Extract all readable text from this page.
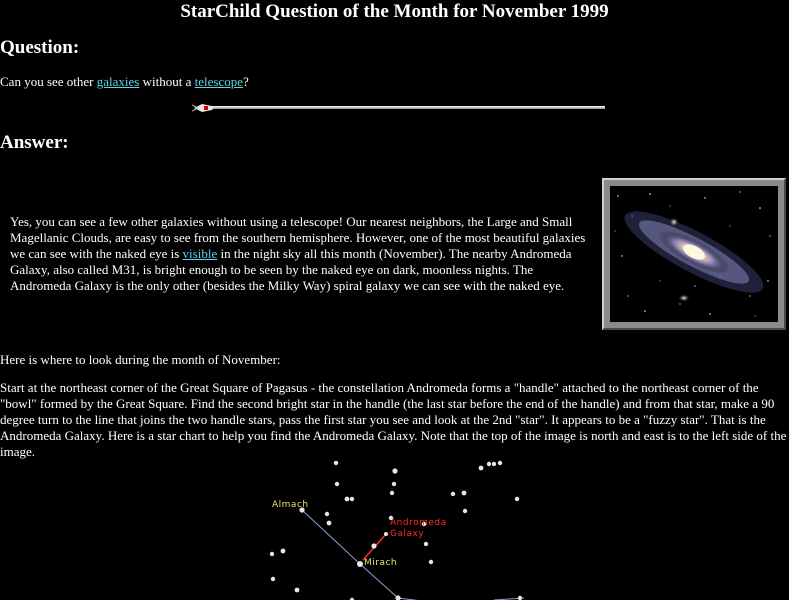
StarChild Question of the Month for November 1999
Question:

Can you see other galaxies without a telescope?

Answer:

Yes, you can see a few other galaxies without using a telescope! Our nearest neighbors, the Large and Small Magellanic Clouds, are easy to see from the southern hemisphere. However, one of the most beautiful galaxies we can see with the naked eye is visible in the night sky all this month (November). The nearby Andromeda Galaxy, also called M31, is bright enough to be seen by the naked eye on dark, moonless nights. The Andromeda Galaxy is the only other (besides the Milky Way) spiral galaxy we can see with the naked eye.

Here is where to look during the month of November:

Start at the northeast corner of the Great Square of Pagasus - the constellation Andromeda forms a "handle" attached to the northeast corner of the "bowl" formed by the Great Square. Find the second bright star in the handle (the last star before the end of the handle) and from that star, make a 90 degree turn to the line that joins the two handle stars, pass the first star you see and look at the 2nd "star". It appears to be a "fuzzy star". That is the Andromeda Galaxy. Here is a star chart to help you find the Andromeda Galaxy. Note that the top of the image is north and east is to the left side of the image.

Almach
Mirach
Andromeda
Galaxy
